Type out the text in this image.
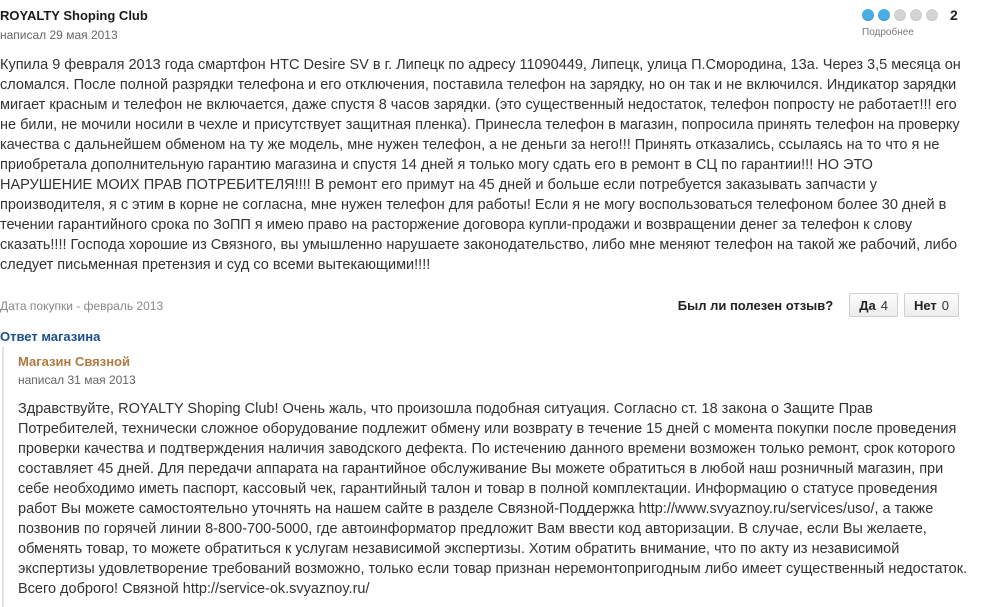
ROYALTY Shoping Club
написал 29 мая 2013
2
Подробнее

Купила 9 февраля 2013 года смартфон HTC Desire SV в г. Липецк по адресу 11090449, Липецк, улица П.Смородина, 13а. Через 3,5 месяца он сломался. После полной разрядки телефона и его отключения, поставила телефон на зарядку, но он так и не включился. Индикатор зарядки мигает красным и телефон не включается, даже спустя 8 часов зарядки. (это существенный недостаток, телефон попросту не работает!!! его не били, не мочили носили в чехле и присутствует защитная пленка). Принесла телефон в магазин, попросила принять телефон на проверку качества с дальнейшем обменом на ту же модель, мне нужен телефон, а не деньги за него!!! Принять отказались, ссылаясь на то что я не приобретала дополнительную гарантию магазина и спустя 14 дней я только могу сдать его в ремонт в СЦ по гарантии!!! НО ЭТО НАРУШЕНИЕ МОИХ ПРАВ ПОТРЕБИТЕЛЯ!!!! В ремонт его примут на 45 дней и больше если потребуется заказывать запчасти у производителя, я с этим в корне не согласна, мне нужен телефон для работы! Если я не могу воспользоваться телефоном более 30 дней в течении гарантийного срока по ЗоПП я имею право на расторжение договора купли-продажи и возвращении денег за телефон к слову сказать!!!! Господа хорошие из Связного, вы умышленно нарушаете законодательство, либо мне меняют телефон на такой же рабочий, либо следует письменная претензия и суд со всеми вытекающими!!!!

Дата покупки - февраль 2013	Был ли полезен отзыв? Да 4 Нет 0
Ответ магазина
Магазин Связной
написал 31 мая 2013

Здравствуйте, ROYALTY Shoping Club! Очень жаль, что произошла подобная ситуация. Согласно ст. 18 закона о Защите Прав Потребителей, технически сложное оборудование подлежит обмену или возврату в течение 15 дней с момента покупки после проведения проверки качества и подтверждения наличия заводского дефекта. По истечению данного времени возможен только ремонт, срок которого составляет 45 дней. Для передачи аппарата на гарантийное обслуживание Вы можете обратиться в любой наш розничный магазин, при себе необходимо иметь паспорт, кассовый чек, гарантийный талон и товар в полной комплектации. Информацию о статусе проведения работ Вы можете самостоятельно уточнять на нашем сайте в разделе Связной-Поддержка http://www.svyaznoy.ru/services/uso/, а также позвонив по горячей линии 8-800-700-5000, где автоинформатор предложит Вам ввести код авторизации. В случае, если Вы желаете, обменять товар, то можете обратиться к услугам независимой экспертизы. Хотим обратить внимание, что по акту из независимой экспертизы удовлетворение требований возможно, только если товар признан неремонтопригодным либо имеет существенный недостаток. Всего доброго! Связной http://service-ok.svyaznoy.ru/
